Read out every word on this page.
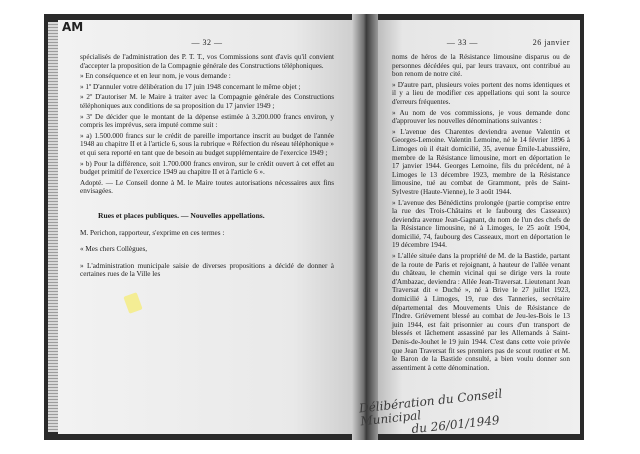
— 32 —

spécialisés de l'administration des P. T. T., vos Commissions sont d'avis qu'il convient d'accepter la proposition de la Compagnie générale des Constructions téléphoniques.

» En conséquence et en leur nom, je vous demande :

» 1º D'annuler votre délibération du 17 juin 1948 concernant le même objet ;

» 2º D'autoriser M. le Maire à traiter avec la Compagnie générale des Constructions téléphoniques aux conditions de sa proposition du 17 janvier 1949 ;

» 3º De décider que le montant de la dépense estimée à 3.200.000 francs environ, y compris les imprévus, sera imputé comme suit :

» a) 1.500.000 francs sur le crédit de pareille importance inscrit au budget de l'année 1948 au chapitre II et à l'article 6, sous la rubrique « Réfection du réseau téléphonique » et qui sera reporté en tant que de besoin au budget supplémentaire de l'exercice 1949 ;

» b) Pour la différence, soit 1.700.000 francs environ, sur le crédit ouvert à cet effet au budget primitif de l'exercice 1949 au chapitre II et à l'article 6 ».

Adopté. — Le Conseil donne à M. le Maire toutes autorisations nécessaires aux fins envisagées.

Rues et places publiques. — Nouvelles appellations.

M. Perichon, rapporteur, s'exprime en ces termes :

« Mes chers Collègues,

» L'administration municipale saisie de diverses propositions a décidé de donner à certaines rues de la Ville les

— 33 —	26 janvier

noms de héros de la Résistance limousine disparus ou de personnes décédées qui, par leurs travaux, ont contribué au bon renom de notre cité.

» D'autre part, plusieurs voies portent des noms identiques et il y a lieu de modifier ces appellations qui sont la source d'erreurs fréquentes.

» Au nom de vos commissions, je vous demande donc d'approuver les nouvelles dénominations suivantes :

» L'avenue des Charentes deviendra avenue Valentin et Georges-Lemoine. Valentin Lemoine, né le 14 février 1896 à Limoges où il était domicilié, 35, avenue Émile-Labussière, membre de la Résistance limousine, mort en déportation le 17 janvier 1944. Georges Lemoine, fils du précédent, né à Limoges le 13 décembre 1923, membre de la Résistance limousine, tué au combat de Grammont, près de Saint-Sylvestre (Haute-Vienne), le 3 août 1944.

» L'avenue des Bénédictins prolongée (partie comprise entre la rue des Trois-Châtains et le faubourg des Casseaux) deviendra avenue Jean-Gagnant, du nom de l'un des chefs de la Résistance limousine, né à Limoges, le 25 août 1904, domicilié, 74, faubourg des Casseaux, mort en déportation le 19 décembre 1944.

» L'allée située dans la propriété de M. de la Bastide, partant de la route de Paris et rejoignant, à hauteur de l'allée venant du château, le chemin vicinal qui se dirige vers la route d'Ambazac, deviendra : Allée Jean-Traversat. Lieutenant Jean Traversat dit « Duché », né à Brive le 27 juillet 1923, domicilié à Limoges, 19, rue des Tanneries, secrétaire départemental des Mouvements Unis de Résistance de l'Indre. Grièvement blessé au combat de Jeu-les-Bois le 13 juin 1944, est fait prisonnier au cours d'un transport de blessés et lâchement assassiné par les Allemands à Saint-Denis-de-Jouhet le 19 juin 1944. C'est dans cette voie privée que Jean Traversat fit ses premiers pas de scout routier et M. le Baron de la Bastide consulté, a bien voulu donner son assentiment à cette dénomination.

AM
Délibération du Conseil Municipal
du 26/01/1949
